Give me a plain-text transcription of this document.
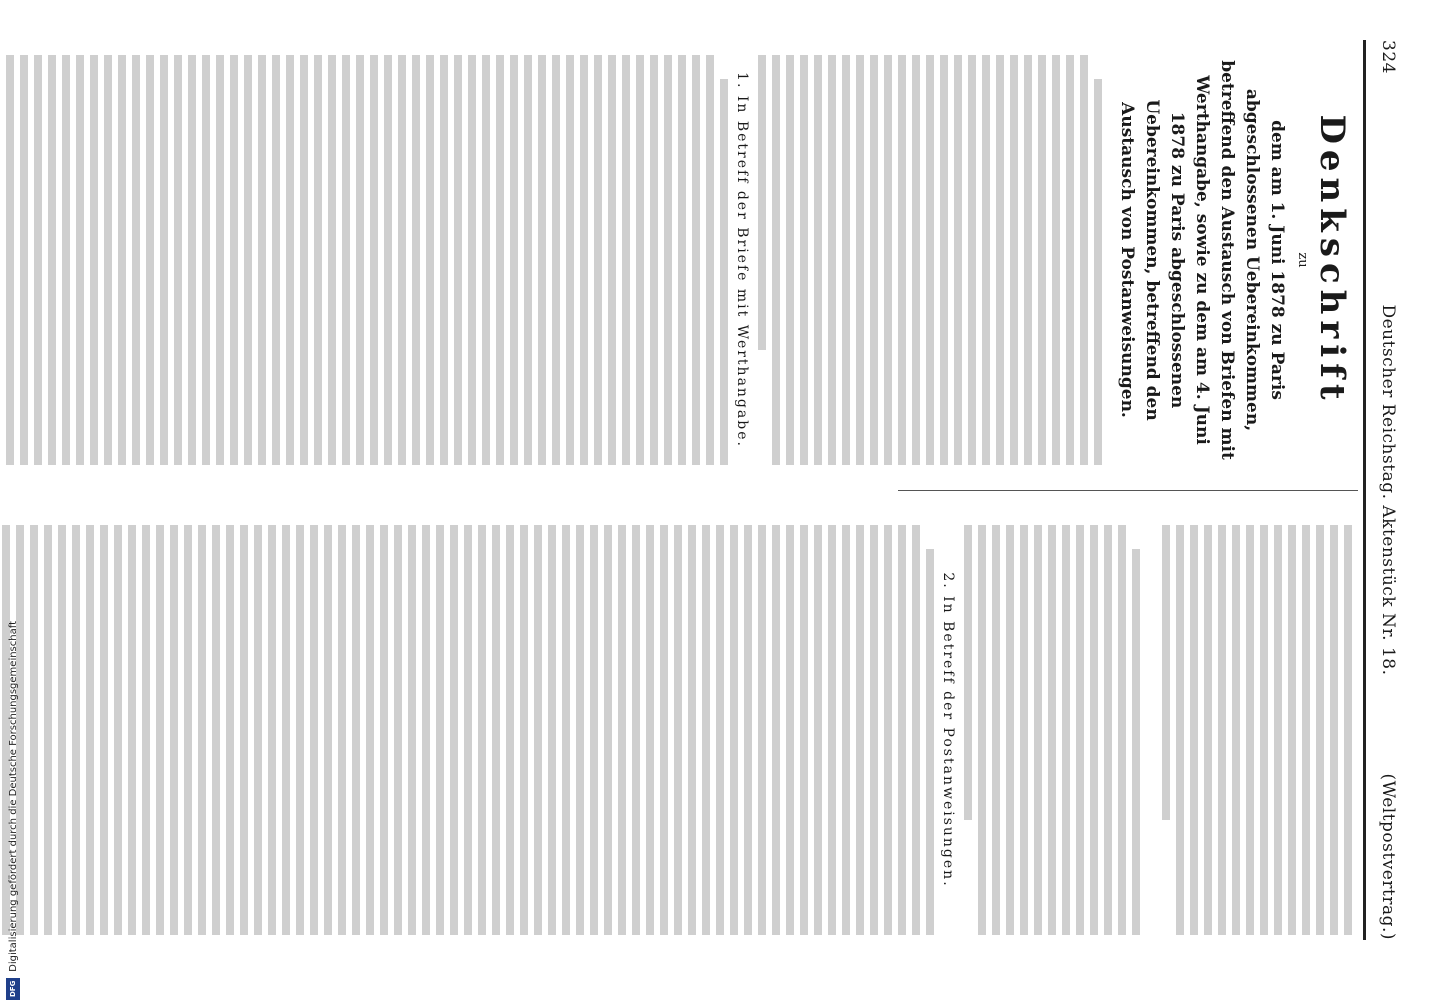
324
Deutscher Reichstag. Aktenstück Nr. 18.
(Weltpostvertrag.)
Denkschrift
zu
dem am 1. Juni 1878 zu Paris abgeschlossenen Uebereinkommen, betreffend den Austausch von Briefen mit Werthangabe, sowie zu dem am 4. Juni 1878 zu Paris abgeschlossenen Uebereinkommen, betreffend den Austausch von Postanweisungen.
1. In Betreff der Briefe mit Werthangabe.
2. In Betreff der Postanweisungen.
Digitalisierung gefördert durch die Deutsche Forschungsgemeinschaft
DFG
